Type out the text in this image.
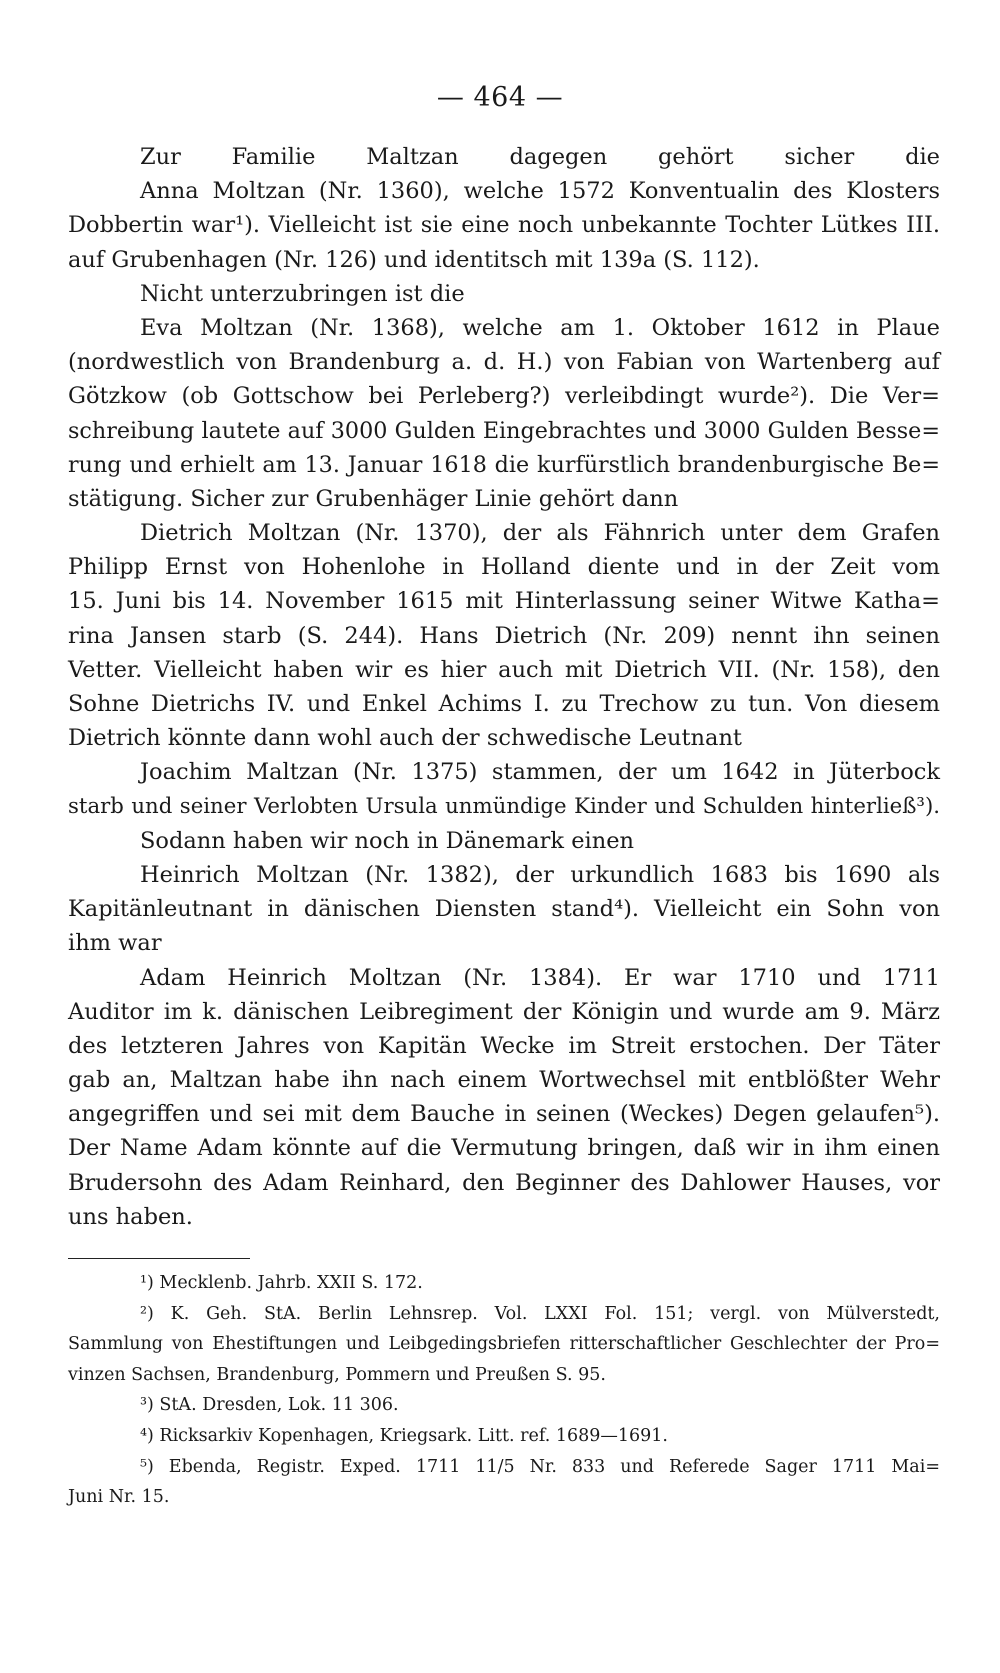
— 464 —
Zur Familie Maltzan dagegen gehört sicher die
Anna Moltzan (Nr. 1360), welche 1572 Konventualin des Klosters
Dobbertin war¹). Vielleicht ist sie eine noch unbekannte Tochter Lütkes III.
auf Grubenhagen (Nr. 126) und identitsch mit 139a (S. 112).
Nicht unterzubringen ist die
Eva Moltzan (Nr. 1368), welche am 1. Oktober 1612 in Plaue
(nordwestlich von Brandenburg a. d. H.) von Fabian von Wartenberg auf
Götzkow (ob Gottschow bei Perleberg?) verleibdingt wurde²). Die Ver=
schreibung lautete auf 3000 Gulden Eingebrachtes und 3000 Gulden Besse=
rung und erhielt am 13. Januar 1618 die kurfürstlich brandenburgische Be=
stätigung. Sicher zur Grubenhäger Linie gehört dann
Dietrich Moltzan (Nr. 1370), der als Fähnrich unter dem Grafen
Philipp Ernst von Hohenlohe in Holland diente und in der Zeit vom
15. Juni bis 14. November 1615 mit Hinterlassung seiner Witwe Katha=
rina Jansen starb (S. 244). Hans Dietrich (Nr. 209) nennt ihn seinen
Vetter. Vielleicht haben wir es hier auch mit Dietrich VII. (Nr. 158), den
Sohne Dietrichs IV. und Enkel Achims I. zu Trechow zu tun. Von diesem
Dietrich könnte dann wohl auch der schwedische Leutnant
Joachim Maltzan (Nr. 1375) stammen, der um 1642 in Jüterbock
starb und seiner Verlobten Ursula unmündige Kinder und Schulden hinterließ³).
Sodann haben wir noch in Dänemark einen
Heinrich Moltzan (Nr. 1382), der urkundlich 1683 bis 1690 als
Kapitänleutnant in dänischen Diensten stand⁴). Vielleicht ein Sohn von
ihm war
Adam Heinrich Moltzan (Nr. 1384). Er war 1710 und 1711
Auditor im k. dänischen Leibregiment der Königin und wurde am 9. März
des letzteren Jahres von Kapitän Wecke im Streit erstochen. Der Täter
gab an, Maltzan habe ihn nach einem Wortwechsel mit entblößter Wehr
angegriffen und sei mit dem Bauche in seinen (Weckes) Degen gelaufen⁵).
Der Name Adam könnte auf die Vermutung bringen, daß wir in ihm einen
Brudersohn des Adam Reinhard, den Beginner des Dahlower Hauses, vor
uns haben.
¹) Mecklenb. Jahrb. XXII S. 172.
²) K. Geh. StA. Berlin Lehnsrep. Vol. LXXI Fol. 151; vergl. von Mülverstedt,
Sammlung von Ehestiftungen und Leibgedingsbriefen ritterschaftlicher Geschlechter der Pro=
vinzen Sachsen, Brandenburg, Pommern und Preußen S. 95.
³) StA. Dresden, Lok. 11 306.
⁴) Ricksarkiv Kopenhagen, Kriegsark. Litt. ref. 1689—1691.
⁵) Ebenda, Registr. Exped. 1711 11/5 Nr. 833 und Referede Sager 1711 Mai=
Juni Nr. 15.
